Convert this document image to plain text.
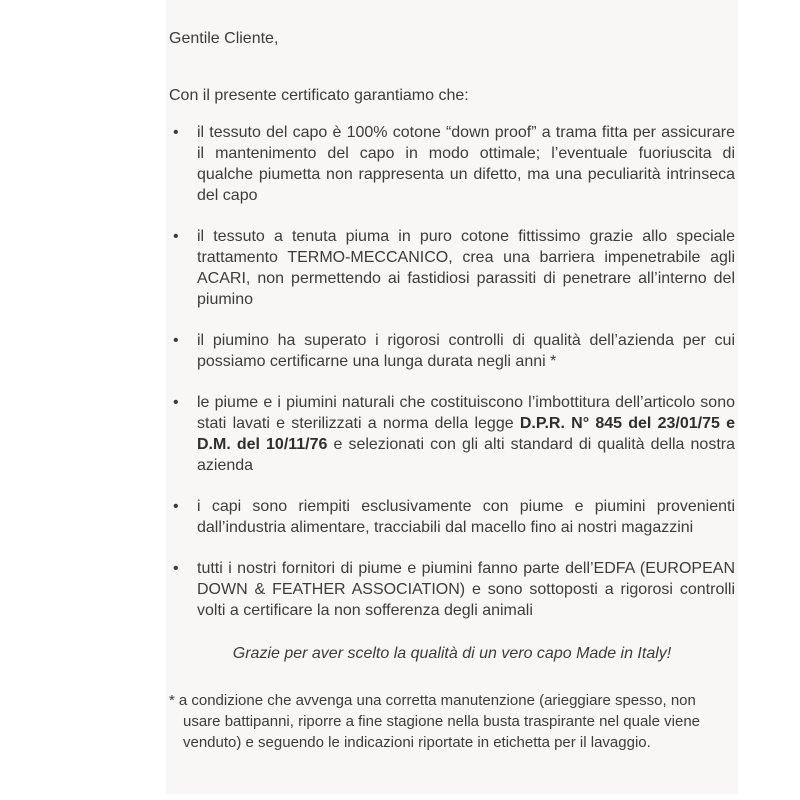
Gentile Cliente,

Con il presente certificato garantiamo che:

•	il tessuto del capo è 100% cotone “down proof” a trama fitta per assicurare il mantenimento del capo in modo ottimale; l’eventuale fuoriuscita di qualche piumetta non rappresenta un difetto, ma una peculiarità intrinseca del capo
•	il tessuto a tenuta piuma in puro cotone fittissimo grazie allo speciale trattamento TERMO-MECCANICO, crea una barriera impenetrabile agli ACARI, non permettendo ai fastidiosi parassiti di penetrare all’interno del piumino
•	il piumino ha superato i rigorosi controlli di qualità dell’azienda per cui possiamo certificarne una lunga durata negli anni *
•	le piume e i piumini naturali che costituiscono l’imbottitura dell’articolo sono stati lavati e sterilizzati a norma della legge D.P.R. N° 845 del 23/01/75 e D.M. del 10/11/76 e selezionati con gli alti standard di qualità della nostra azienda
•	i capi sono riempiti esclusivamente con piume e piumini provenienti dall’industria alimentare, tracciabili dal macello fino ai nostri magazzini
•	tutti i nostri fornitori di piume e piumini fanno parte dell’EDFA (EUROPEAN DOWN & FEATHER ASSOCIATION) e sono sottoposti a rigorosi controlli volti a certificare la non sofferenza degli animali

Grazie per aver scelto la qualità di un vero capo Made in Italy!

* a condizione che avvenga una corretta manutenzione (arieggiare spesso, non usare battipanni, riporre a fine stagione nella busta traspirante nel quale viene venduto) e seguendo le indicazioni riportate in etichetta per il lavaggio.
